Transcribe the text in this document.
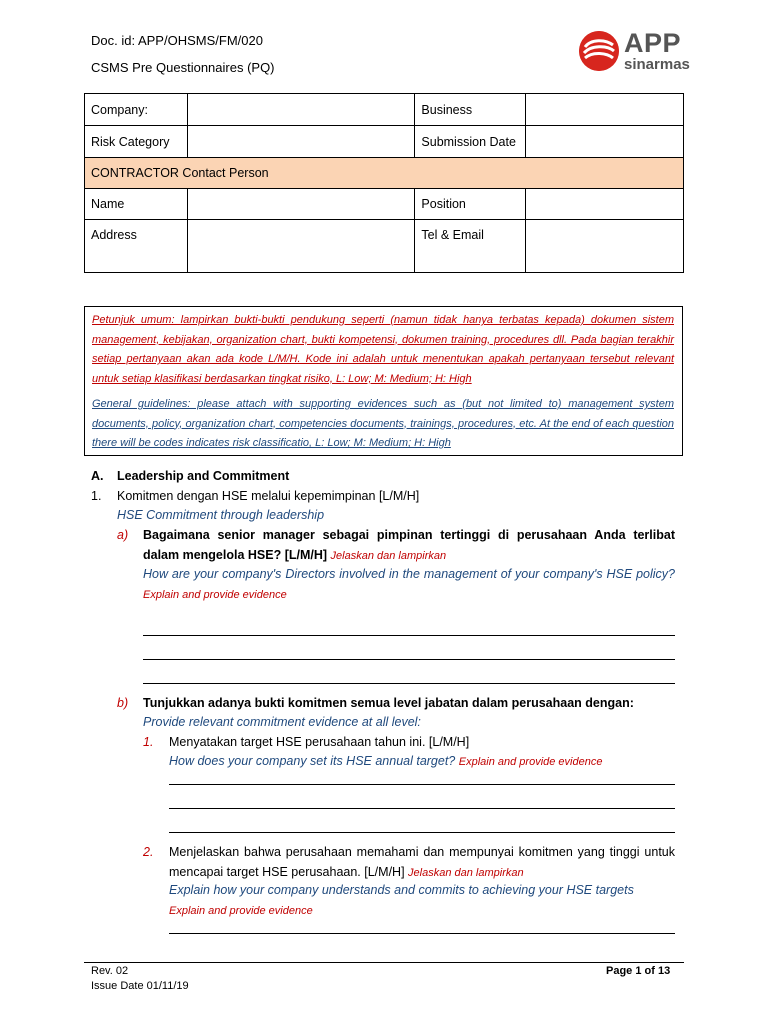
Doc. id: APP/OHSMS/FM/020
CSMS Pre Questionnaires (PQ)
APP
sinarmas
Company:		Business	
Risk Category		Submission Date	
CONTRACTOR Contact Person			
Name		Position	
Address		Tel & Email	

Petunjuk umum: lampirkan bukti-bukti pendukung seperti (namun tidak hanya terbatas kepada) dokumen sistem management, kebijakan, organization chart, bukti kompetensi, dokumen training, procedures dll. Pada bagian terakhir setiap pertanyaan akan ada kode L/M/H. Kode ini adalah untuk menentukan apakah pertanyaan tersebut relevant untuk setiap klasifikasi berdasarkan tingkat risiko, L: Low; M: Medium; H: High

General guidelines: please attach with supporting evidences such as (but not limited to) management system documents, policy, organization chart, competencies documents, trainings, procedures, etc. At the end of each question there will be codes indicates risk classificatio, L: Low; M: Medium; H: High

A. Leadership and Commitment
1. Komitmen dengan HSE melalui kepemimpinan [L/M/H]
HSE Commitment through leadership
a) Bagaimana senior manager sebagai pimpinan tertinggi di perusahaan Anda terlibat dalam mengelola HSE? [L/M/H] Jelaskan dan lampirkan
How are your company's Directors involved in the management of your company's HSE policy? Explain and provide evidence
b) Tunjukkan adanya bukti komitmen semua level jabatan dalam perusahaan dengan:
Provide relevant commitment evidence at all level:
1. Menyatakan target HSE perusahaan tahun ini. [L/M/H]
How does your company set its HSE annual target? Explain and provide evidence
2. Menjelaskan bahwa perusahaan memahami dan mempunyai komitmen yang tinggi untuk mencapai target HSE perusahaan. [L/M/H] Jelaskan dan lampirkan
Explain how your company understands and commits to achieving your HSE targets
Explain and provide evidence
Rev. 02
Issue Date 01/11/19
Page 1 of 13
